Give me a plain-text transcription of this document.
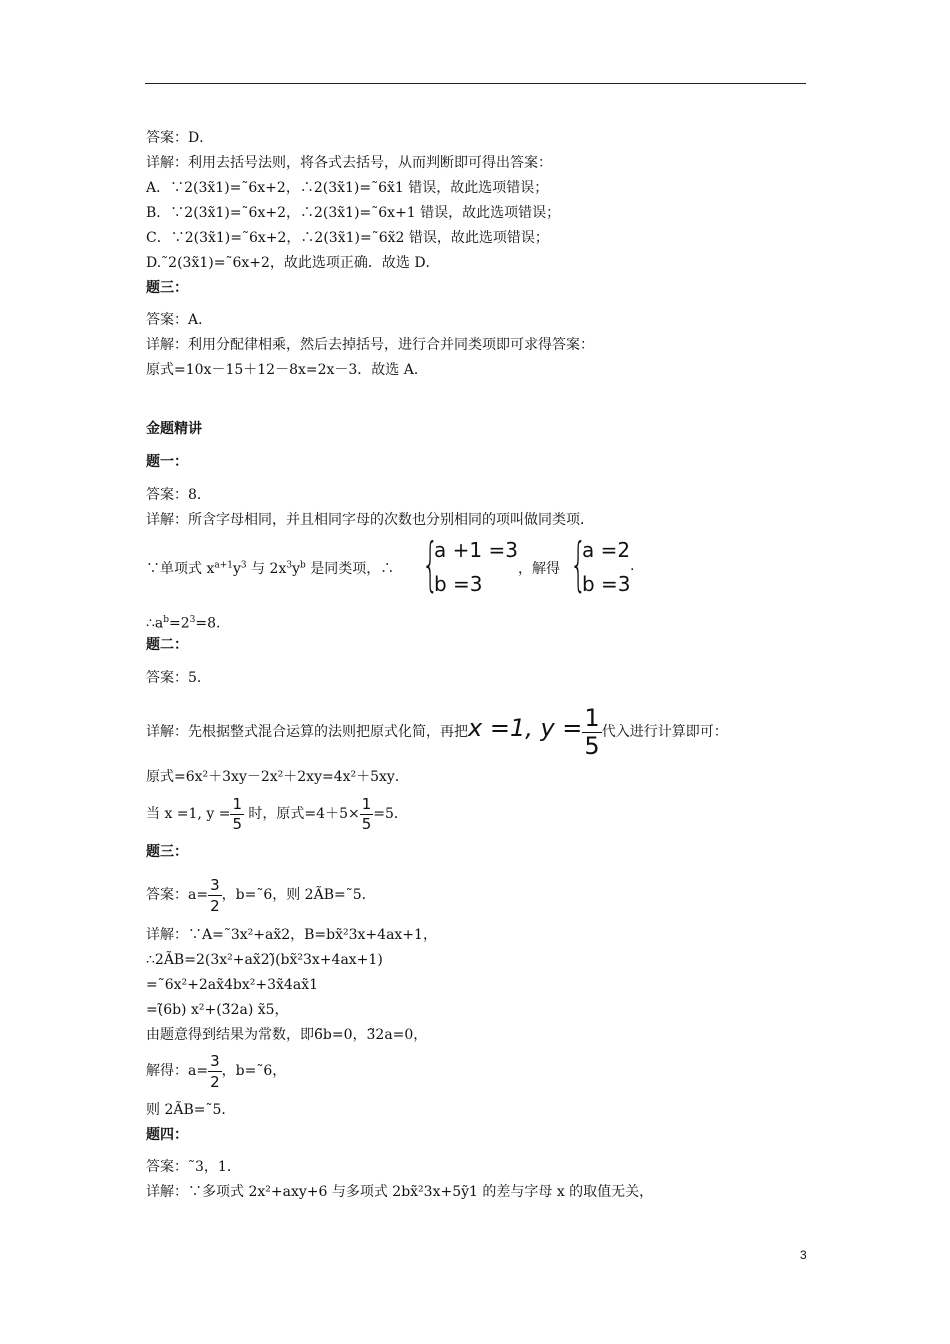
答案：D．
详解：利用去括号法则，将各式去括号，从而判断即可得出答案：
A．∵2(3x̃1)=˜6x+2，∴2(3x̃1)=˜6x̃1 错误，故此选项错误；
B．∵2(3x̃1)=˜6x+2，∴2(3x̃1)=˜6x+1 错误，故此选项错误；
C．∵2(3x̃1)=˜6x+2，∴2(3x̃1)=˜6x̃2 错误，故此选项错误；
D.˜2(3x̃1)=˜6x+2，故此选项正确．故选 D．
题三：
答案：A．
详解：利用分配律相乘，然后去掉括号，进行合并同类项即可求得答案：
原式=10x－15＋12－8x=2x－3．故选 A．
金题精讲
题一：
答案：8．
详解：所含字母相同，并且相同字母的次数也分别相同的项叫做同类项．
∵单项式 $x^{a+1}y^3$ 与 $2x^3y^b$ 是同类项，∴ {
a +1 =3
b =3
，解得 {
a =2
b =3
.
$\therefore a^b=2^3=8$．
题二：
答案：5．
详解：先根据整式混合运算的法则把原式化简，再把x =1, $y = \frac{1}{5}$ 代入进行计算即可：
原式=6x²＋3xy－2x²＋2xy=4x²＋5xy．
当 x =1, $y = \frac{1}{5}$ 时，原式$=4+5\times \frac{1}{5} =5$．
题三：
答案：$a= \frac{3}{2}$ ，b=˜6，则 2ÃB=˜5．
详解：∵A=˜3x²+ax̃2，B=bx̃²3x+4ax+1，
∴2ÃB=2(3x²+ax̃2)̃(bx̃²3x+4ax+1)
=˜6x²+2ax̃4bx²+3x̃4ax̃1
=(̃6b) x²+(3̃2a) x̃5，
由题意得到结果为常数，即6̃b=0，3̃2a=0，
解得：$a= \frac{3}{2}$ ，b=˜6，
则 2ÃB=˜5．
题四：
答案：˜3，1．
详解：∵多项式 2x²+axy+6 与多项式 2bx̃²3x+5ỹ1 的差与字母 x 的取值无关，
3
